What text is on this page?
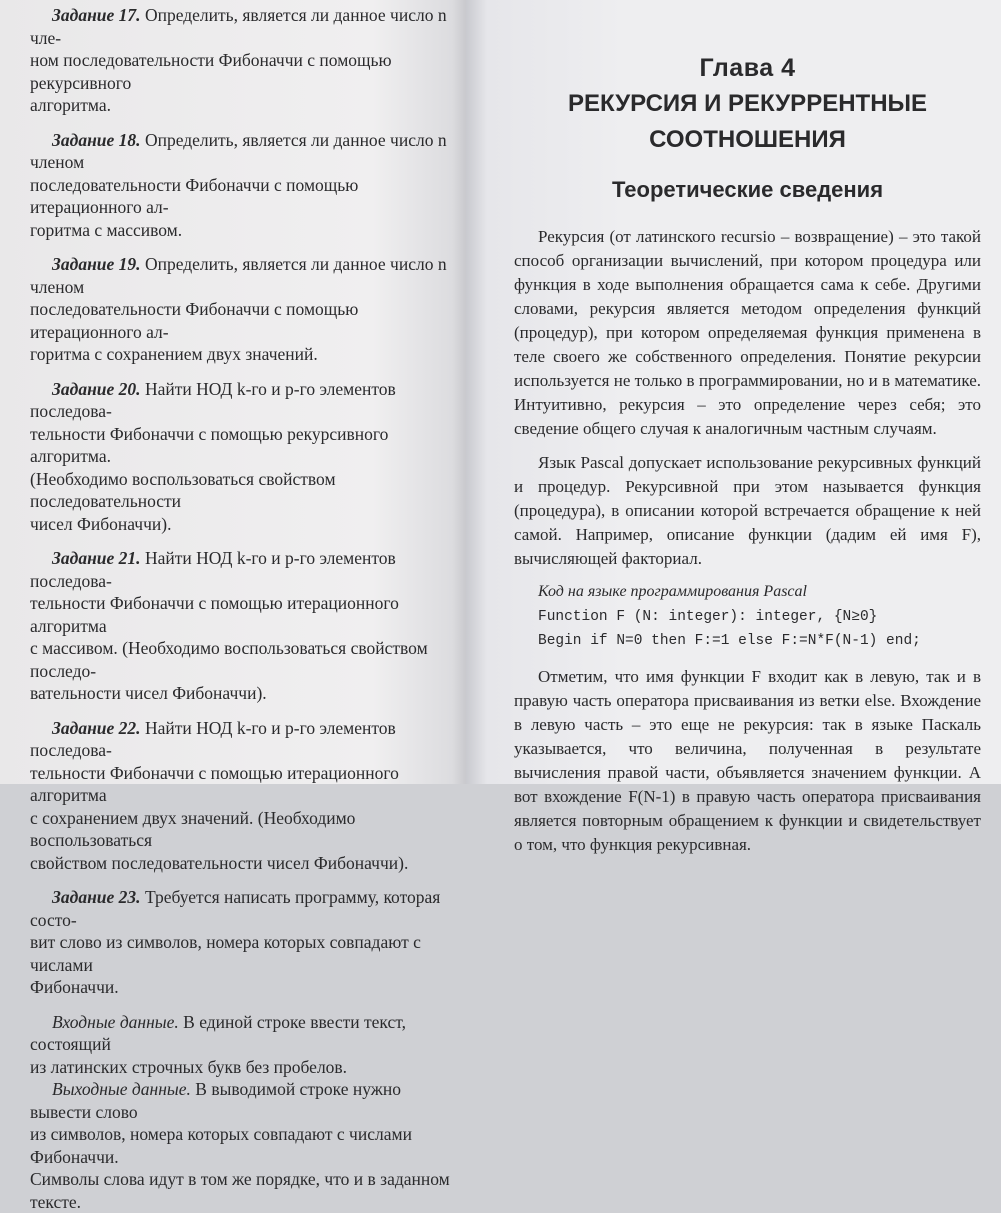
Задание 17. Определить, является ли данное число n чле-

ном последовательности Фибоначчи с помощью рекурсивного

алгоритма.

Задание 18. Определить, является ли данное число n членом

последовательности Фибоначчи с помощью итерационного ал-

горитма с массивом.

Задание 19. Определить, является ли данное число n членом

последовательности Фибоначчи с помощью итерационного ал-

горитма с сохранением двух значений.

Задание 20. Найти НОД k-го и p-го элементов последова-

тельности Фибоначчи с помощью рекурсивного алгоритма.

(Необходимо воспользоваться свойством последовательности

чисел Фибоначчи).

Задание 21. Найти НОД k-го и p-го элементов последова-

тельности Фибоначчи с помощью итерационного алгоритма

с массивом. (Необходимо воспользоваться свойством последо-

вательности чисел Фибоначчи).

Задание 22. Найти НОД k-го и p-го элементов последова-

тельности Фибоначчи с помощью итерационного алгоритма

с сохранением двух значений. (Необходимо воспользоваться

свойством последовательности чисел Фибоначчи).

Задание 23. Требуется написать программу, которая состо-

вит слово из символов, номера которых совпадают с числами

Фибоначчи.

Входные данные. В единой строке ввести текст, состоящий

из латинских строчных букв без пробелов.

Выходные данные. В выводимой строке нужно вывести слово

из символов, номера которых совпадают с числами Фибоначчи.

Символы слова идут в том же порядке, что и в заданном тексте.

Глава 4
РЕКУРСИЯ И РЕКУРРЕНТНЫЕ
СООТНОШЕНИЯ
Теоретические сведения

Рекурсия (от латинского recursio – возвращение) – это такой способ организации вычислений, при котором процедура или функция в ходе выполнения обращается сама к себе. Другими словами, рекурсия является методом определения функций (процедур), при котором определяемая функция применена в теле своего же собственного определения. Понятие рекурсии используется не только в программировании, но и в математике. Интуитивно, рекурсия – это определение через себя; это сведение общего случая к аналогичным частным случаям.

Язык Pascal допускает использование рекурсивных функций и процедур. Рекурсивной при этом называется функция (процедура), в описании которой встречается обращение к ней самой. Например, описание функции (дадим ей имя F), вычисляющей факториал.

Код на языке программирования Pascal
Function F (N: integer): integer, {N≥0}
Begin if N=0 then F:=1 else F:=N*F(N-1) end;

Отметим, что имя функции F входит как в левую, так и в правую часть оператора присваивания из ветки else. Вхождение в левую часть – это еще не рекурсия: так в языке Паскаль указывается, что величина, полученная в результате вычисления правой части, объявляется значением функции. А вот вхождение F(N-1) в правую часть оператора присваивания является повторным обращением к функции и свидетельствует о том, что функция рекурсивная.
